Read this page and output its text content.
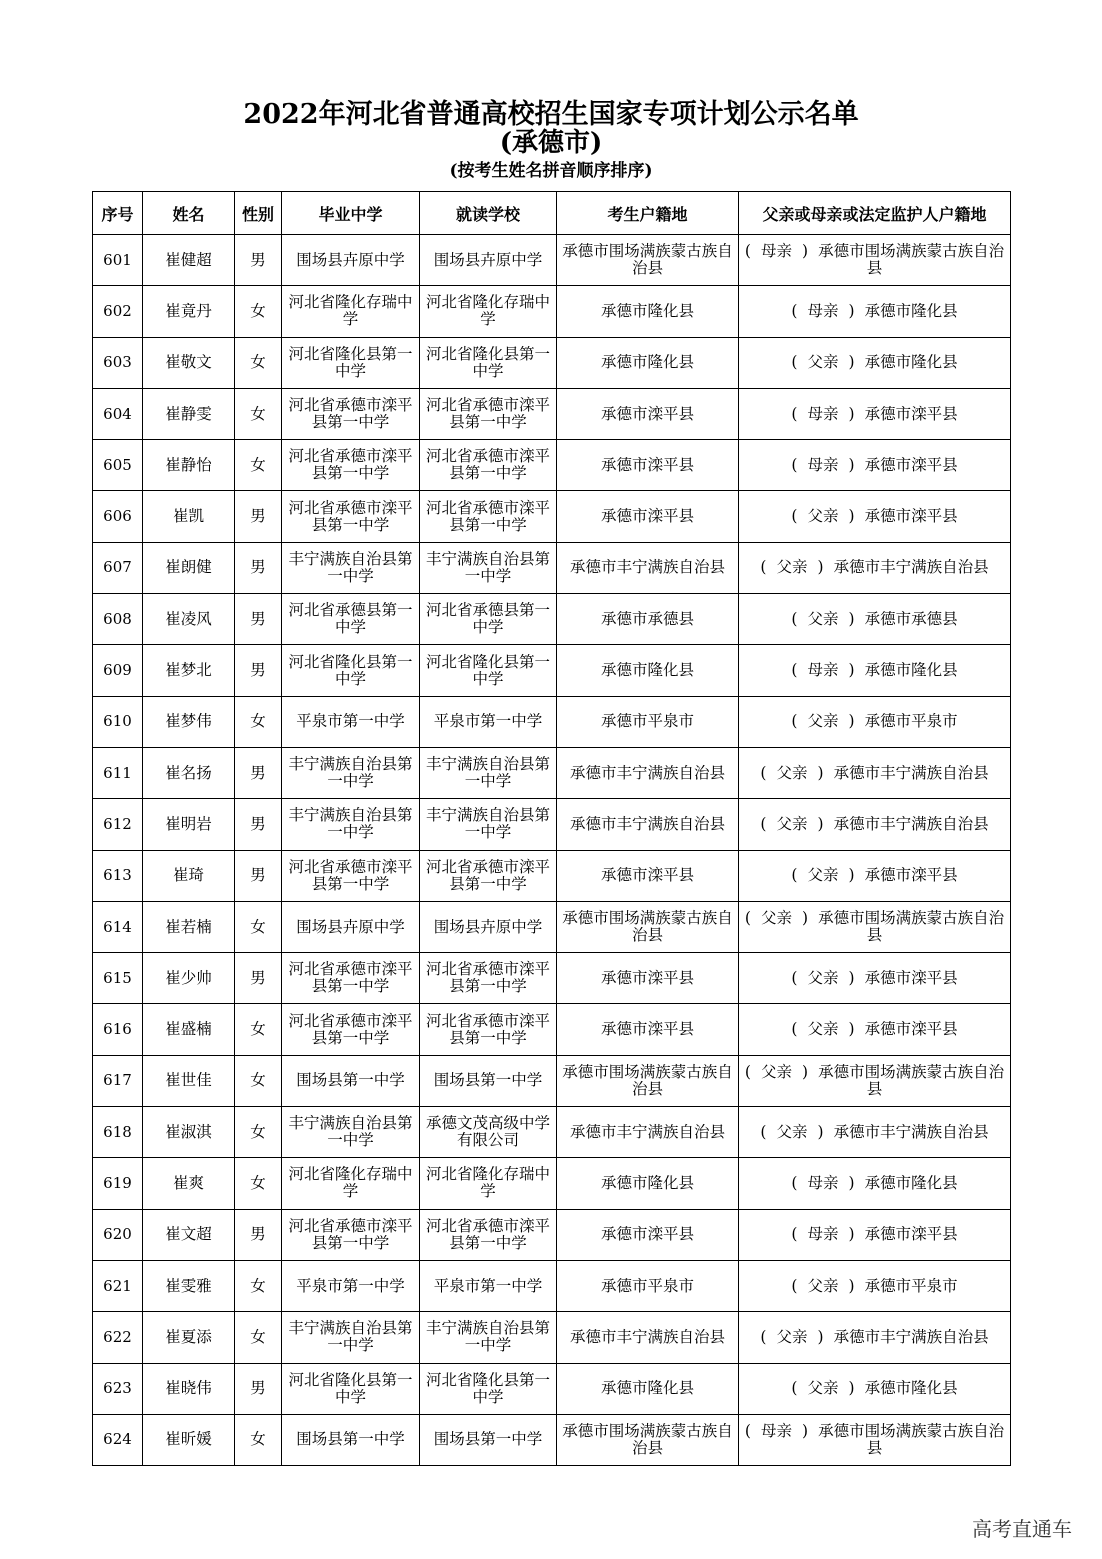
2022年河北省普通高校招生国家专项计划公示名单
(承德市)
(按考生姓名拼音顺序排序)
序号	姓名	性别	毕业中学	就读学校	考生户籍地	父亲或母亲或法定监护人户籍地
601	崔健超	男	围场县卉原中学	围场县卉原中学	承德市围场满族蒙古族自治县	( 母亲 ) 承德市围场满族蒙古族自治县
602	崔竟丹	女	河北省隆化存瑞中学	河北省隆化存瑞中学	承德市隆化县	( 母亲 ) 承德市隆化县
603	崔敬文	女	河北省隆化县第一中学	河北省隆化县第一中学	承德市隆化县	( 父亲 ) 承德市隆化县
604	崔静雯	女	河北省承德市滦平县第一中学	河北省承德市滦平县第一中学	承德市滦平县	( 母亲 ) 承德市滦平县
605	崔静怡	女	河北省承德市滦平县第一中学	河北省承德市滦平县第一中学	承德市滦平县	( 母亲 ) 承德市滦平县
606	崔凯	男	河北省承德市滦平县第一中学	河北省承德市滦平县第一中学	承德市滦平县	( 父亲 ) 承德市滦平县
607	崔朗健	男	丰宁满族自治县第一中学	丰宁满族自治县第一中学	承德市丰宁满族自治县	( 父亲 ) 承德市丰宁满族自治县
608	崔凌风	男	河北省承德县第一中学	河北省承德县第一中学	承德市承德县	( 父亲 ) 承德市承德县
609	崔梦北	男	河北省隆化县第一中学	河北省隆化县第一中学	承德市隆化县	( 母亲 ) 承德市隆化县
610	崔梦伟	女	平泉市第一中学	平泉市第一中学	承德市平泉市	( 父亲 ) 承德市平泉市
611	崔名扬	男	丰宁满族自治县第一中学	丰宁满族自治县第一中学	承德市丰宁满族自治县	( 父亲 ) 承德市丰宁满族自治县
612	崔明岩	男	丰宁满族自治县第一中学	丰宁满族自治县第一中学	承德市丰宁满族自治县	( 父亲 ) 承德市丰宁满族自治县
613	崔琦	男	河北省承德市滦平县第一中学	河北省承德市滦平县第一中学	承德市滦平县	( 父亲 ) 承德市滦平县
614	崔若楠	女	围场县卉原中学	围场县卉原中学	承德市围场满族蒙古族自治县	( 父亲 ) 承德市围场满族蒙古族自治县
615	崔少帅	男	河北省承德市滦平县第一中学	河北省承德市滦平县第一中学	承德市滦平县	( 父亲 ) 承德市滦平县
616	崔盛楠	女	河北省承德市滦平县第一中学	河北省承德市滦平县第一中学	承德市滦平县	( 父亲 ) 承德市滦平县
617	崔世佳	女	围场县第一中学	围场县第一中学	承德市围场满族蒙古族自治县	( 父亲 ) 承德市围场满族蒙古族自治县
618	崔淑淇	女	丰宁满族自治县第一中学	承德文茂高级中学有限公司	承德市丰宁满族自治县	( 父亲 ) 承德市丰宁满族自治县
619	崔爽	女	河北省隆化存瑞中学	河北省隆化存瑞中学	承德市隆化县	( 母亲 ) 承德市隆化县
620	崔文超	男	河北省承德市滦平县第一中学	河北省承德市滦平县第一中学	承德市滦平县	( 母亲 ) 承德市滦平县
621	崔雯雅	女	平泉市第一中学	平泉市第一中学	承德市平泉市	( 父亲 ) 承德市平泉市
622	崔夏添	女	丰宁满族自治县第一中学	丰宁满族自治县第一中学	承德市丰宁满族自治县	( 父亲 ) 承德市丰宁满族自治县
623	崔晓伟	男	河北省隆化县第一中学	河北省隆化县第一中学	承德市隆化县	( 父亲 ) 承德市隆化县
624	崔昕媛	女	围场县第一中学	围场县第一中学	承德市围场满族蒙古族自治县	( 母亲 ) 承德市围场满族蒙古族自治县
高考直通车
